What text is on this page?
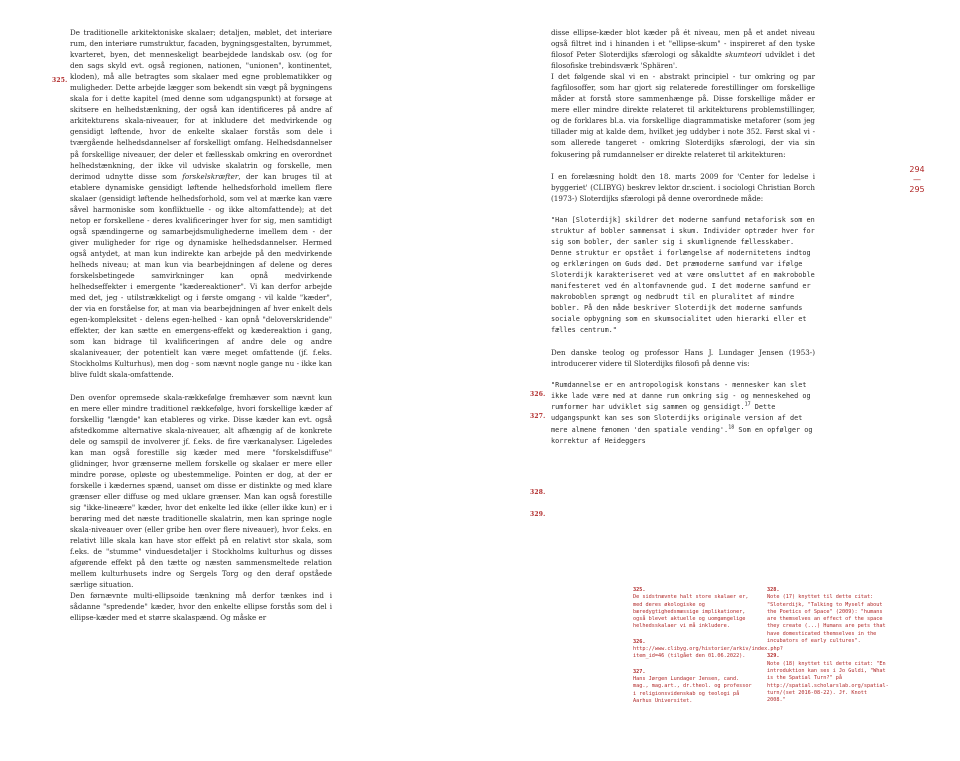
De traditionelle arkitektoniske skalaer; detaljen, møblet, det interiøre rum, den interiøre rumstruktur, facaden, bygningsgestalten, byrummet, kvarteret, byen, det menneskeligt bearbejdede landskab osv. (og for den sags skyld evt. også regionen, nationen, "unionen", kontinentet, kloden), må alle betragtes som skalaer med egne problematikker og muligheder. Dette arbejde lægger som bekendt sin vægt på bygningens skala for i dette kapitel (med denne som udgangspunkt) at forsøge at skitsere en helhedstænkning, der også kan identificeres på andre af arkitekturens skala-niveauer, for at inkludere det medvirkende og gensidigt løftende, hvor de enkelte skalaer forstås som dele i tværgående helhedsdannelser af forskelligt omfang. Helhedsdannelser på forskellige niveauer, der deler et fællesskab omkring en overordnet helhedstænkning, der ikke vil udviske skalatrin og forskelle, men derimod udnytte disse som forskelskræfter, der kan bruges til at etablere dynamiske gensidigt løftende helhedsforhold imellem flere skalaer (gensidigt løftende helhedsforhold, som vel at mærke kan være såvel harmoniske som konfliktuelle - og ikke altomfattende); at det netop er forskellene - deres kvalificeringer hver for sig, men samtidigt også spændingerne og samarbejdsmulighederne imellem dem - der giver muligheder for rige og dynamiske helhedsdannelser. Hermed også antydet, at man kun indirekte kan arbejde på den medvirkende helheds niveau; at man kun via bearbejdningen af delene og deres forskelsbetingede samvirkninger kan opnå medvirkende helhedseffekter i emergente "kædereaktioner". Vi kan derfor arbejde med det, jeg - utilstrækkeligt og i første omgang - vil kalde "kæder", der via en forståelse for, at man via bearbejdningen af hver enkelt dels egen-kompleksitet - delens egen-helhed - kan opnå "deloverskridende" effekter, der kan sætte en emergens-effekt og kædereaktion i gang, som kan bidrage til kvalificeringen af andre dele og andre skalaniveauer, der potentielt kan være meget omfattende (jf. f.eks. Stockholms Kulturhus), men dog - som nævnt nogle gange nu - ikke kan blive fuldt skala-omfattende.

Den ovenfor opremsede skala-rækkefølge fremhæver som nævnt kun en mere eller mindre traditionel rækkefølge, hvori forskellige kæder af forskellig "længde" kan etableres og virke. Disse kæder kan evt. også afstedkomme alternative skala-niveauer, alt afhængig af de konkrete dele og samspil de involverer jf. f.eks. de fire værkanalyser. Ligeledes kan man også forestille sig kæder med mere "forskelsdiffuse" glidninger, hvor grænserne mellem forskelle og skalaer er mere eller mindre porøse, opløste og ubestemmelige. Pointen er dog, at der er forskelle i kædernes spænd, uanset om disse er distinkte og med klare grænser eller diffuse og med uklare grænser. Man kan også forestille sig "ikke-lineære" kæder, hvor det enkelte led ikke (eller ikke kun) er i berøring med det næste traditionelle skalatrin, men kan springe nogle skala-niveauer over (eller gribe hen over flere niveauer), hvor f.eks. en relativt lille skala kan have stor effekt på en relativt stor skala, som f.eks. de "stumme" vinduesdetaljer i Stockholms kulturhus og disses afgørende effekt på den tætte og næsten sammensmeltede relation mellem kulturhusets indre og Sergels Torg og den deraf opståede særlige situation.

Den førnævnte multi-ellipsoide tænkning må derfor tænkes ind i sådanne "spredende" kæder, hvor den enkelte ellipse forstås som del i ellipse-kæder med et større skalaspænd. Og måske er

325.

disse ellipse-kæder blot kæder på ét niveau, men på et andet niveau også filtret ind i hinanden i et "ellipse-skum" - inspireret af den tyske filosof Peter Sloterdijks sfærologi og såkaldte skumteori udviklet i det filosofiske trebindsværk 'Sphären'.

I det følgende skal vi en - abstrakt principiel - tur omkring og par fagfilosoffer, som har gjort sig relaterede forestillinger om forskellige måder at forstå store sammenhænge på. Disse forskellige måder er mere eller mindre direkte relateret til arkitekturens problemstillinger, og de forklares bl.a. via forskellige diagrammatiske metaforer (som jeg tillader mig at kalde dem, hvilket jeg uddyber i note 352. Først skal vi - som allerede tangeret - omkring Sloterdijks sfærologi, der via sin fokusering på rumdannelser er direkte relateret til arkitekturen:

I en forelæsning holdt den 18. marts 2009 for 'Center for ledelse i byggeriet' (CLIBYG) beskrev lektor dr.scient. i sociologi Christian Borch (1973-) Sloterdijks sfærologi på denne overordnede måde:

"Han [Sloterdijk] skildrer det moderne samfund metaforisk som en struktur af bobler sammensat i skum. Individer optræder hver for sig som bobler, der samler sig i skumlignende fællesskaber. Denne struktur er opstået i forlængelse af modernitetens indtog og erklæringen om Guds død. Det præmoderne samfund var ifølge Sloterdijk karakteriseret ved at være omsluttet af en makroboble manifesteret ved én altomfavnende gud. I det moderne samfund er makroboblen sprængt og nedbrudt til en pluralitet af mindre bobler. På den måde beskriver Sloterdijk det moderne samfunds sociale opbygning som en skumsocialitet uden hierarki eller et fælles centrum."

Den danske teolog og professor Hans J. Lundager Jensen (1953-) introducerer videre til Sloterdijks filosofi på denne vis:

"Rumdannelse er en antropologisk konstans - mennesker kan slet ikke lade være med at danne rum omkring sig - og menneskehed og rumformer har udviklet sig sammen og gensidigt.$^{17}$ Dette udgangspunkt kan ses som Sloterdijks originale version af det mere almene fænomen 'den spatiale vending'.$^{18}$ Som en opfølger og korrektur af Heideggers

326.
327.
328.
329.
294
—
295
325.
De sidstnævnte halt store skalaer er, med deres økologiske og bæredygtighedsmæssige implikationer, også blevet aktuelle og uomgængelige helhedsskalaer vi må inkludere.
326.
http://www.clibyg.org/historier/arkiv/index.php?item_id=46 (tilgået den 01.06.2022).
327.
Hans Jørgen Lundager Jensen, cand. mag., mag.art., dr.theol. og professor i religionsvidenskab og teologi på Aarhus Universitet.
328.
Note (17) knyttet til dette citat: "Sloterdijk, "Talking to Myself about the Poetics of Space" (2009): "humans are themselves an effect of the space they create (...) Humans are pets that have domesticated themselves in the incubators of early cultures".
329.
Note (18) knyttet til dette citat: "En introduktion kan ses i Jo Guldi, "What is the Spatial Turn?" på http://spatial.scholarslab.org/spatial-turn/(set 2016-08-22). Jf. Knott 2008."
